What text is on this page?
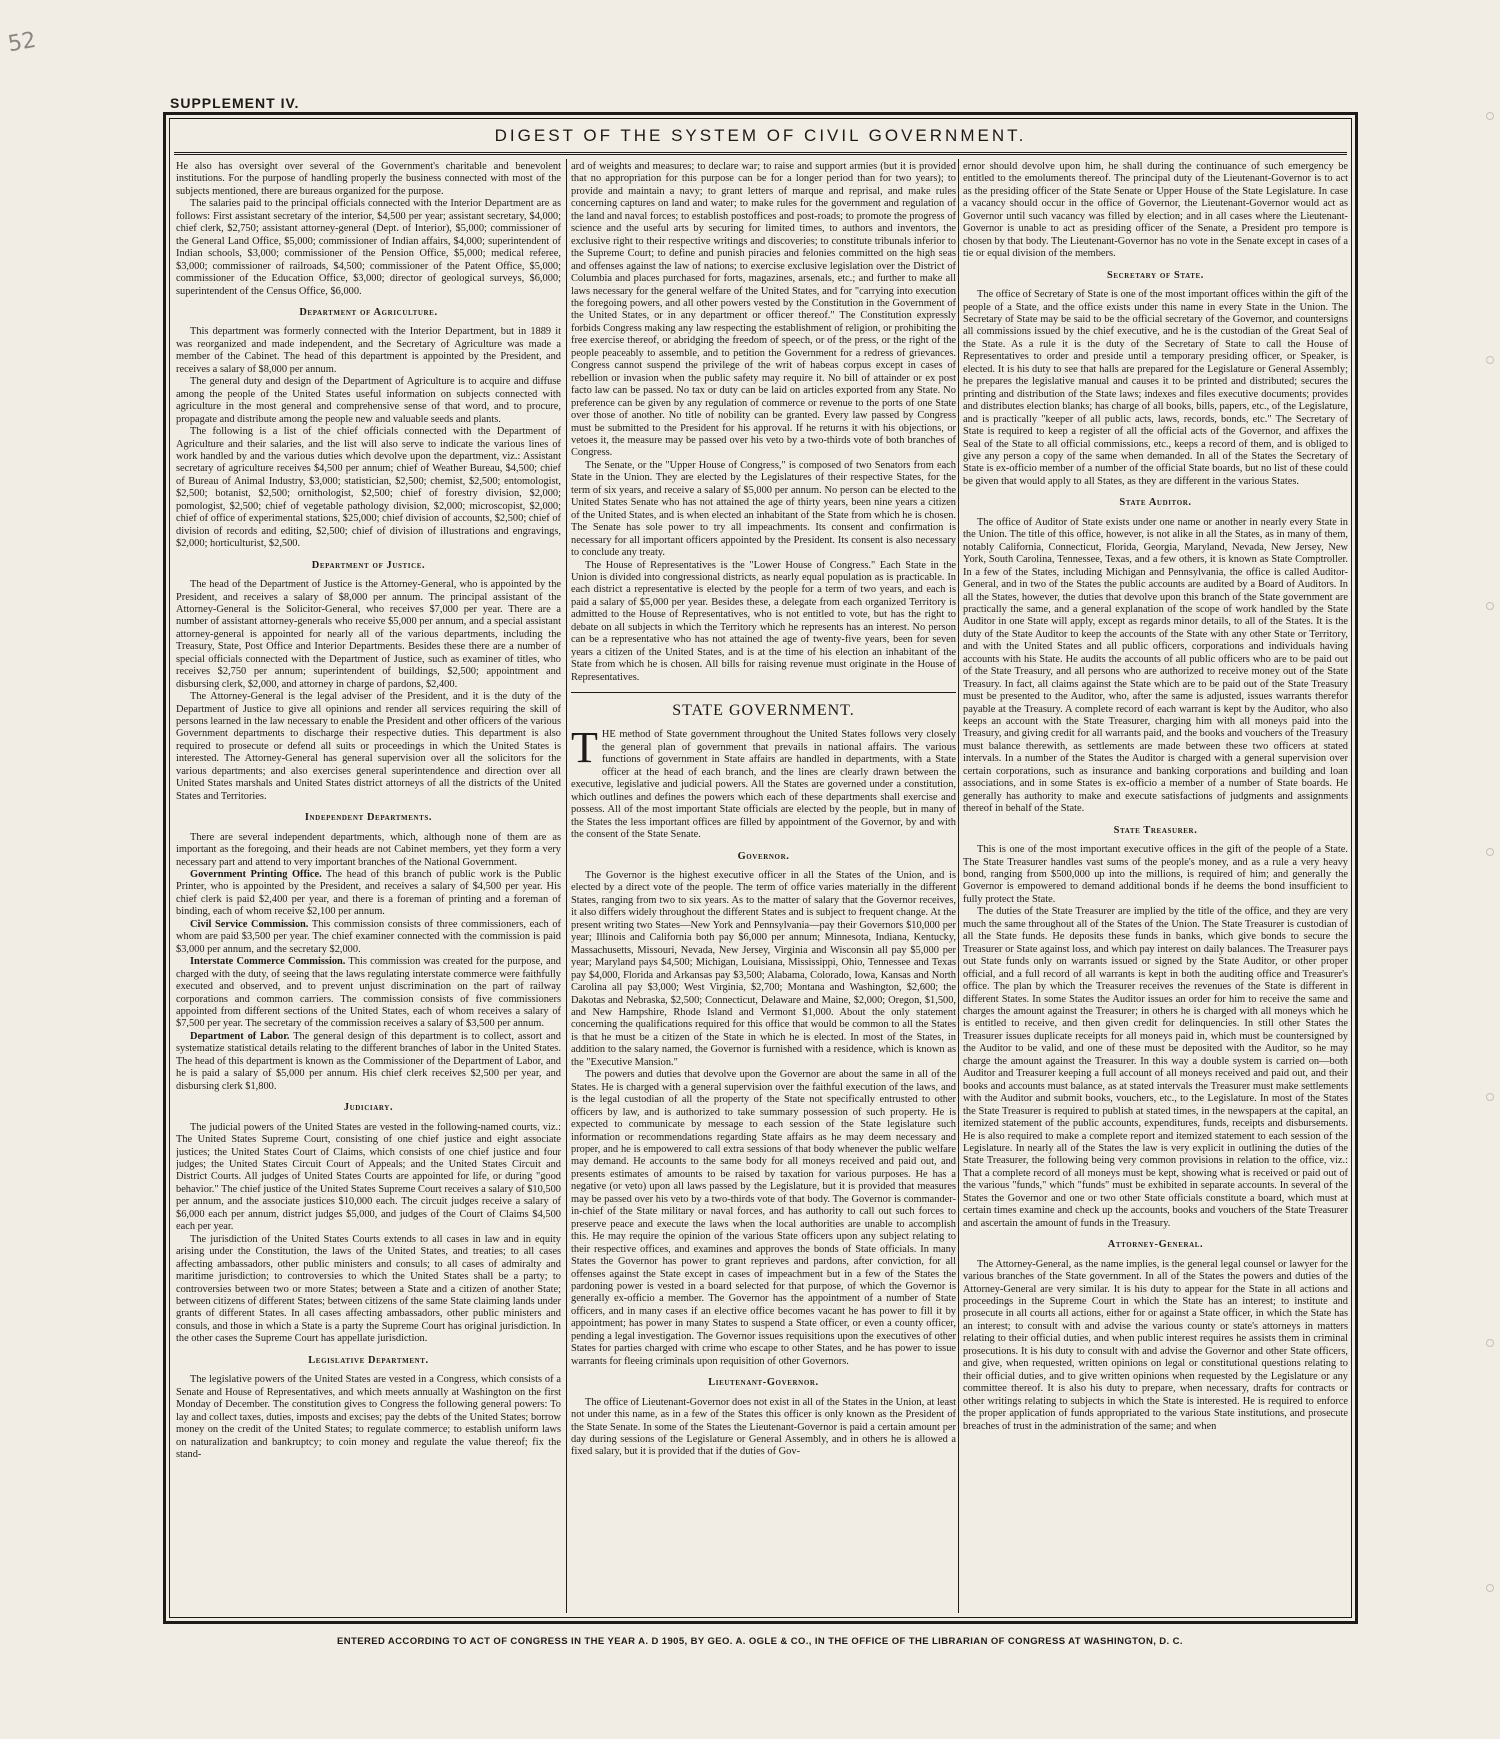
52
SUPPLEMENT IV.
DIGEST OF THE SYSTEM OF CIVIL GOVERNMENT.

He also has oversight over several of the Government's charitable and benevolent institutions. For the purpose of handling properly the business connected with most of the subjects mentioned, there are bureaus organized for the purpose.

The salaries paid to the principal officials connected with the Interior Department are as follows: First assistant secretary of the interior, $4,500 per year; assistant secretary, $4,000; chief clerk, $2,750; assistant attorney-general (Dept. of Interior), $5,000; commissioner of the General Land Office, $5,000; commissioner of Indian affairs, $4,000; superintendent of Indian schools, $3,000; commissioner of the Pension Office, $5,000; medical referee, $3,000; commissioner of railroads, $4,500; commissioner of the Patent Office, $5,000; commissioner of the Education Office, $3,000; director of geological surveys, $6,000; superintendent of the Census Office, $6,000.

Department of Agriculture.

This department was formerly connected with the Interior Department, but in 1889 it was reorganized and made independent, and the Secretary of Agriculture was made a member of the Cabinet. The head of this department is appointed by the President, and receives a salary of $8,000 per annum.

The general duty and design of the Department of Agriculture is to acquire and diffuse among the people of the United States useful information on subjects connected with agriculture in the most general and comprehensive sense of that word, and to procure, propagate and distribute among the people new and valuable seeds and plants.

The following is a list of the chief officials connected with the Department of Agriculture and their salaries, and the list will also serve to indicate the various lines of work handled by and the various duties which devolve upon the department, viz.: Assistant secretary of agriculture receives $4,500 per annum; chief of Weather Bureau, $4,500; chief of Bureau of Animal Industry, $3,000; statistician, $2,500; chemist, $2,500; entomologist, $2,500; botanist, $2,500; ornithologist, $2,500; chief of forestry division, $2,000; pomologist, $2,500; chief of vegetable pathology division, $2,000; microscopist, $2,000; chief of office of experimental stations, $25,000; chief division of accounts, $2,500; chief of division of records and editing, $2,500; chief of division of illustrations and engravings, $2,000; horticulturist, $2,500.

Department of Justice.

The head of the Department of Justice is the Attorney-General, who is appointed by the President, and receives a salary of $8,000 per annum. The principal assistant of the Attorney-General is the Solicitor-General, who receives $7,000 per year. There are a number of assistant attorney-generals who receive $5,000 per annum, and a special assistant attorney-general is appointed for nearly all of the various departments, including the Treasury, State, Post Office and Interior Departments. Besides these there are a number of special officials connected with the Department of Justice, such as examiner of titles, who receives $2,750 per annum; superintendent of buildings, $2,500; appointment and disbursing clerk, $2,000, and attorney in charge of pardons, $2,400.

The Attorney-General is the legal adviser of the President, and it is the duty of the Department of Justice to give all opinions and render all services requiring the skill of persons learned in the law necessary to enable the President and other officers of the various Government departments to discharge their respective duties. This department is also required to prosecute or defend all suits or proceedings in which the United States is interested. The Attorney-General has general supervision over all the solicitors for the various departments; and also exercises general superintendence and direction over all United States marshals and United States district attorneys of all the districts of the United States and Territories.

Independent Departments.

There are several independent departments, which, although none of them are as important as the foregoing, and their heads are not Cabinet members, yet they form a very necessary part and attend to very important branches of the National Government.

Government Printing Office. The head of this branch of public work is the Public Printer, who is appointed by the President, and receives a salary of $4,500 per year. His chief clerk is paid $2,400 per year, and there is a foreman of printing and a foreman of binding, each of whom receive $2,100 per annum.

Civil Service Commission. This commission consists of three commissioners, each of whom are paid $3,500 per year. The chief examiner connected with the commission is paid $3,000 per annum, and the secretary $2,000.

Interstate Commerce Commission. This commission was created for the purpose, and charged with the duty, of seeing that the laws regulating interstate commerce were faithfully executed and observed, and to prevent unjust discrimination on the part of railway corporations and common carriers. The commission consists of five commissioners appointed from different sections of the United States, each of whom receives a salary of $7,500 per year. The secretary of the commission receives a salary of $3,500 per annum.

Department of Labor. The general design of this department is to collect, assort and systematize statistical details relating to the different branches of labor in the United States. The head of this department is known as the Commissioner of the Department of Labor, and he is paid a salary of $5,000 per annum. His chief clerk receives $2,500 per year, and disbursing clerk $1,800.

Judiciary.

The judicial powers of the United States are vested in the following-named courts, viz.: The United States Supreme Court, consisting of one chief justice and eight associate justices; the United States Court of Claims, which consists of one chief justice and four judges; the United States Circuit Court of Appeals; and the United States Circuit and District Courts. All judges of United States Courts are appointed for life, or during "good behavior." The chief justice of the United States Supreme Court receives a salary of $10,500 per annum, and the associate justices $10,000 each. The circuit judges receive a salary of $6,000 each per annum, district judges $5,000, and judges of the Court of Claims $4,500 each per year.

The jurisdiction of the United States Courts extends to all cases in law and in equity arising under the Constitution, the laws of the United States, and treaties; to all cases affecting ambassadors, other public ministers and consuls; to all cases of admiralty and maritime jurisdiction; to controversies to which the United States shall be a party; to controversies between two or more States; between a State and a citizen of another State; between citizens of different States; between citizens of the same State claiming lands under grants of different States. In all cases affecting ambassadors, other public ministers and consuls, and those in which a State is a party the Supreme Court has original jurisdiction. In the other cases the Supreme Court has appellate jurisdiction.

Legislative Department.

The legislative powers of the United States are vested in a Congress, which consists of a Senate and House of Representatives, and which meets annually at Washington on the first Monday of December. The constitution gives to Congress the following general powers: To lay and collect taxes, duties, imposts and excises; pay the debts of the United States; borrow money on the credit of the United States; to regulate commerce; to establish uniform laws on naturalization and bankruptcy; to coin money and regulate the value thereof; fix the stand-

ard of weights and measures; to declare war; to raise and support armies (but it is provided that no appropriation for this purpose can be for a longer period than for two years); to provide and maintain a navy; to grant letters of marque and reprisal, and make rules concerning captures on land and water; to make rules for the government and regulation of the land and naval forces; to establish postoffices and post-roads; to promote the progress of science and the useful arts by securing for limited times, to authors and inventors, the exclusive right to their respective writings and discoveries; to constitute tribunals inferior to the Supreme Court; to define and punish piracies and felonies committed on the high seas and offenses against the law of nations; to exercise exclusive legislation over the District of Columbia and places purchased for forts, magazines, arsenals, etc.; and further to make all laws necessary for the general welfare of the United States, and for "carrying into execution the foregoing powers, and all other powers vested by the Constitution in the Government of the United States, or in any department or officer thereof." The Constitution expressly forbids Congress making any law respecting the establishment of religion, or prohibiting the free exercise thereof, or abridging the freedom of speech, or of the press, or the right of the people peaceably to assemble, and to petition the Government for a redress of grievances. Congress cannot suspend the privilege of the writ of habeas corpus except in cases of rebellion or invasion when the public safety may require it. No bill of attainder or ex post facto law can be passed. No tax or duty can be laid on articles exported from any State. No preference can be given by any regulation of commerce or revenue to the ports of one State over those of another. No title of nobility can be granted. Every law passed by Congress must be submitted to the President for his approval. If he returns it with his objections, or vetoes it, the measure may be passed over his veto by a two-thirds vote of both branches of Congress.

The Senate, or the "Upper House of Congress," is composed of two Senators from each State in the Union. They are elected by the Legislatures of their respective States, for the term of six years, and receive a salary of $5,000 per annum. No person can be elected to the United States Senate who has not attained the age of thirty years, been nine years a citizen of the United States, and is when elected an inhabitant of the State from which he is chosen. The Senate has sole power to try all impeachments. Its consent and confirmation is necessary for all important officers appointed by the President. Its consent is also necessary to conclude any treaty.

The House of Representatives is the "Lower House of Congress." Each State in the Union is divided into congressional districts, as nearly equal population as is practicable. In each district a representative is elected by the people for a term of two years, and each is paid a salary of $5,000 per year. Besides these, a delegate from each organized Territory is admitted to the House of Representatives, who is not entitled to vote, but has the right to debate on all subjects in which the Territory which he represents has an interest. No person can be a representative who has not attained the age of twenty-five years, been for seven years a citizen of the United States, and is at the time of his election an inhabitant of the State from which he is chosen. All bills for raising revenue must originate in the House of Representatives.

STATE GOVERNMENT.

THE method of State government throughout the United States follows very closely the general plan of government that prevails in national affairs. The various functions of government in State affairs are handled in departments, with a State officer at the head of each branch, and the lines are clearly drawn between the executive, legislative and judicial powers. All the States are governed under a constitution, which outlines and defines the powers which each of these departments shall exercise and possess. All of the most important State officials are elected by the people, but in many of the States the less important offices are filled by appointment of the Governor, by and with the consent of the State Senate.

Governor.

The Governor is the highest executive officer in all the States of the Union, and is elected by a direct vote of the people. The term of office varies materially in the different States, ranging from two to six years. As to the matter of salary that the Governor receives, it also differs widely throughout the different States and is subject to frequent change. At the present writing two States—New York and Pennsylvania—pay their Governors $10,000 per year; Illinois and California both pay $6,000 per annum; Minnesota, Indiana, Kentucky, Massachusetts, Missouri, Nevada, New Jersey, Virginia and Wisconsin all pay $5,000 per year; Maryland pays $4,500; Michigan, Louisiana, Mississippi, Ohio, Tennessee and Texas pay $4,000, Florida and Arkansas pay $3,500; Alabama, Colorado, Iowa, Kansas and North Carolina all pay $3,000; West Virginia, $2,700; Montana and Washington, $2,600; the Dakotas and Nebraska, $2,500; Connecticut, Delaware and Maine, $2,000; Oregon, $1,500, and New Hampshire, Rhode Island and Vermont $1,000. About the only statement concerning the qualifications required for this office that would be common to all the States is that he must be a citizen of the State in which he is elected. In most of the States, in addition to the salary named, the Governor is furnished with a residence, which is known as the "Executive Mansion."

The powers and duties that devolve upon the Governor are about the same in all of the States. He is charged with a general supervision over the faithful execution of the laws, and is the legal custodian of all the property of the State not specifically entrusted to other officers by law, and is authorized to take summary possession of such property. He is expected to communicate by message to each session of the State legislature such information or recommendations regarding State affairs as he may deem necessary and proper, and he is empowered to call extra sessions of that body whenever the public welfare may demand. He accounts to the same body for all moneys received and paid out, and presents estimates of amounts to be raised by taxation for various purposes. He has a negative (or veto) upon all laws passed by the Legislature, but it is provided that measures may be passed over his veto by a two-thirds vote of that body. The Governor is commander-in-chief of the State military or naval forces, and has authority to call out such forces to preserve peace and execute the laws when the local authorities are unable to accomplish this. He may require the opinion of the various State officers upon any subject relating to their respective offices, and examines and approves the bonds of State officials. In many States the Governor has power to grant reprieves and pardons, after conviction, for all offenses against the State except in cases of impeachment but in a few of the States the pardoning power is vested in a board selected for that purpose, of which the Governor is generally ex-officio a member. The Governor has the appointment of a number of State officers, and in many cases if an elective office becomes vacant he has power to fill it by appointment; has power in many States to suspend a State officer, or even a county officer, pending a legal investigation. The Governor issues requisitions upon the executives of other States for parties charged with crime who escape to other States, and he has power to issue warrants for fleeing criminals upon requisition of other Governors.

Lieutenant-Governor.

The office of Lieutenant-Governor does not exist in all of the States in the Union, at least not under this name, as in a few of the States this officer is only known as the President of the State Senate. In some of the States the Lieutenant-Governor is paid a certain amount per day during sessions of the Legislature or General Assembly, and in others he is allowed a fixed salary, but it is provided that if the duties of Gov-

ernor should devolve upon him, he shall during the continuance of such emergency be entitled to the emoluments thereof. The principal duty of the Lieutenant-Governor is to act as the presiding officer of the State Senate or Upper House of the State Legislature. In case a vacancy should occur in the office of Governor, the Lieutenant-Governor would act as Governor until such vacancy was filled by election; and in all cases where the Lieutenant-Governor is unable to act as presiding officer of the Senate, a President pro tempore is chosen by that body. The Lieutenant-Governor has no vote in the Senate except in cases of a tie or equal division of the members.

Secretary of State.

The office of Secretary of State is one of the most important offices within the gift of the people of a State, and the office exists under this name in every State in the Union. The Secretary of State may be said to be the official secretary of the Governor, and countersigns all commissions issued by the chief executive, and he is the custodian of the Great Seal of the State. As a rule it is the duty of the Secretary of State to call the House of Representatives to order and preside until a temporary presiding officer, or Speaker, is elected. It is his duty to see that halls are prepared for the Legislature or General Assembly; he prepares the legislative manual and causes it to be printed and distributed; secures the printing and distribution of the State laws; indexes and files executive documents; provides and distributes election blanks; has charge of all books, bills, papers, etc., of the Legislature, and is practically "keeper of all public acts, laws, records, bonds, etc." The Secretary of State is required to keep a register of all the official acts of the Governor, and affixes the Seal of the State to all official commissions, etc., keeps a record of them, and is obliged to give any person a copy of the same when demanded. In all of the States the Secretary of State is ex-officio member of a number of the official State boards, but no list of these could be given that would apply to all States, as they are different in the various States.

State Auditor.

The office of Auditor of State exists under one name or another in nearly every State in the Union. The title of this office, however, is not alike in all the States, as in many of them, notably California, Connecticut, Florida, Georgia, Maryland, Nevada, New Jersey, New York, South Carolina, Tennessee, Texas, and a few others, it is known as State Comptroller. In a few of the States, including Michigan and Pennsylvania, the office is called Auditor-General, and in two of the States the public accounts are audited by a Board of Auditors. In all the States, however, the duties that devolve upon this branch of the State government are practically the same, and a general explanation of the scope of work handled by the State Auditor in one State will apply, except as regards minor details, to all of the States. It is the duty of the State Auditor to keep the accounts of the State with any other State or Territory, and with the United States and all public officers, corporations and individuals having accounts with his State. He audits the accounts of all public officers who are to be paid out of the State Treasury, and all persons who are authorized to receive money out of the State Treasury. In fact, all claims against the State which are to be paid out of the State Treasury must be presented to the Auditor, who, after the same is adjusted, issues warrants therefor payable at the Treasury. A complete record of each warrant is kept by the Auditor, who also keeps an account with the State Treasurer, charging him with all moneys paid into the Treasury, and giving credit for all warrants paid, and the books and vouchers of the Treasury must balance therewith, as settlements are made between these two officers at stated intervals. In a number of the States the Auditor is charged with a general supervision over certain corporations, such as insurance and banking corporations and building and loan associations, and in some States is ex-officio a member of a number of State boards. He generally has authority to make and execute satisfactions of judgments and assignments thereof in behalf of the State.

State Treasurer.

This is one of the most important executive offices in the gift of the people of a State. The State Treasurer handles vast sums of the people's money, and as a rule a very heavy bond, ranging from $500,000 up into the millions, is required of him; and generally the Governor is empowered to demand additional bonds if he deems the bond insufficient to fully protect the State.

The duties of the State Treasurer are implied by the title of the office, and they are very much the same throughout all of the States of the Union. The State Treasurer is custodian of all the State funds. He deposits these funds in banks, which give bonds to secure the Treasurer or State against loss, and which pay interest on daily balances. The Treasurer pays out State funds only on warrants issued or signed by the State Auditor, or other proper official, and a full record of all warrants is kept in both the auditing office and Treasurer's office. The plan by which the Treasurer receives the revenues of the State is different in different States. In some States the Auditor issues an order for him to receive the same and charges the amount against the Treasurer; in others he is charged with all moneys which he is entitled to receive, and then given credit for delinquencies. In still other States the Treasurer issues duplicate receipts for all moneys paid in, which must be countersigned by the Auditor to be valid, and one of these must be deposited with the Auditor, so he may charge the amount against the Treasurer. In this way a double system is carried on—both Auditor and Treasurer keeping a full account of all moneys received and paid out, and their books and accounts must balance, as at stated intervals the Treasurer must make settlements with the Auditor and submit books, vouchers, etc., to the Legislature. In most of the States the State Treasurer is required to publish at stated times, in the newspapers at the capital, an itemized statement of the public accounts, expenditures, funds, receipts and disbursements. He is also required to make a complete report and itemized statement to each session of the Legislature. In nearly all of the States the law is very explicit in outlining the duties of the State Treasurer, the following being very common provisions in relation to the office, viz.: That a complete record of all moneys must be kept, showing what is received or paid out of the various "funds," which "funds" must be exhibited in separate accounts. In several of the States the Governor and one or two other State officials constitute a board, which must at certain times examine and check up the accounts, books and vouchers of the State Treasurer and ascertain the amount of funds in the Treasury.

Attorney-General.

The Attorney-General, as the name implies, is the general legal counsel or lawyer for the various branches of the State government. In all of the States the powers and duties of the Attorney-General are very similar. It is his duty to appear for the State in all actions and proceedings in the Supreme Court in which the State has an interest; to institute and prosecute in all courts all actions, either for or against a State officer, in which the State has an interest; to consult with and advise the various county or state's attorneys in matters relating to their official duties, and when public interest requires he assists them in criminal prosecutions. It is his duty to consult with and advise the Governor and other State officers, and give, when requested, written opinions on legal or constitutional questions relating to their official duties, and to give written opinions when requested by the Legislature or any committee thereof. It is also his duty to prepare, when necessary, drafts for contracts or other writings relating to subjects in which the State is interested. He is required to enforce the proper application of funds appropriated to the various State institutions, and prosecute breaches of trust in the administration of the same; and when

ENTERED ACCORDING TO ACT OF CONGRESS IN THE YEAR A. D 1905, BY GEO. A. OGLE & CO., IN THE OFFICE OF THE LIBRARIAN OF CONGRESS AT WASHINGTON, D. C.
